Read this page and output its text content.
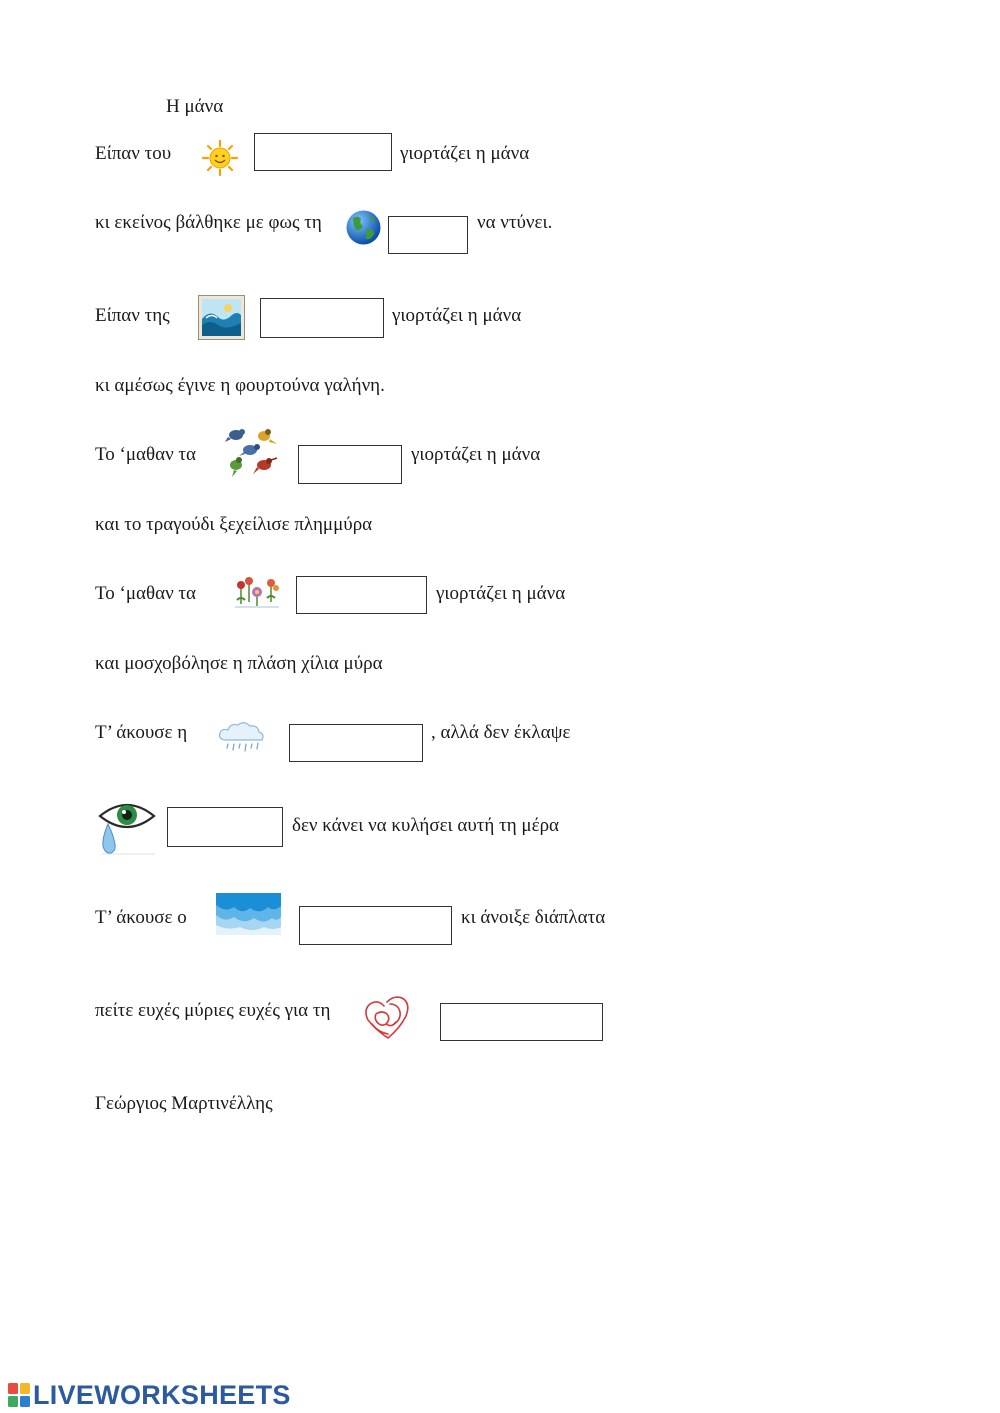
Η μάνα
Είπαν του	γιορτάζει η μάνα
κι εκείνος βάλθηκε με φως τη	να ντύνει.
Είπαν της	γιορτάζει η μάνα
κι αμέσως έγινε η φουρτούνα γαλήνη.
Το ‘μαθαν τα	γιορτάζει η μάνα
και το τραγούδι ξεχείλισε πλημμύρα
Το ‘μαθαν τα	γιορτάζει η μάνα
και μοσχοβόλησε η πλάση χίλια μύρα
Τ’ άκουσε η	, αλλά δεν έκλαψε
δεν κάνει να κυλήσει αυτή τη μέρα
Τ’ άκουσε ο	κι άνοιξε διάπλατα
πείτε ευχές μύριες ευχές για τη
Γεώργιος Μαρτινέλλης
LIVEWORKSHEETS
